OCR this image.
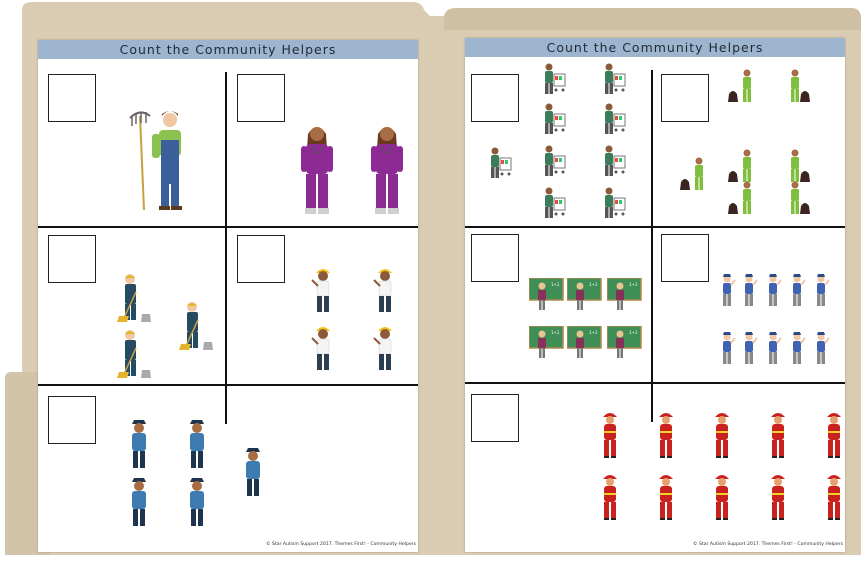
Count the Community Helpers
© Star Autism Support 2017. Themes First! - Community Helpers
Count the Community Helpers
© Star Autism Support 2017. Themes First! - Community Helpers
1+1	1+1	1+1
1+1	1+1	1+1
